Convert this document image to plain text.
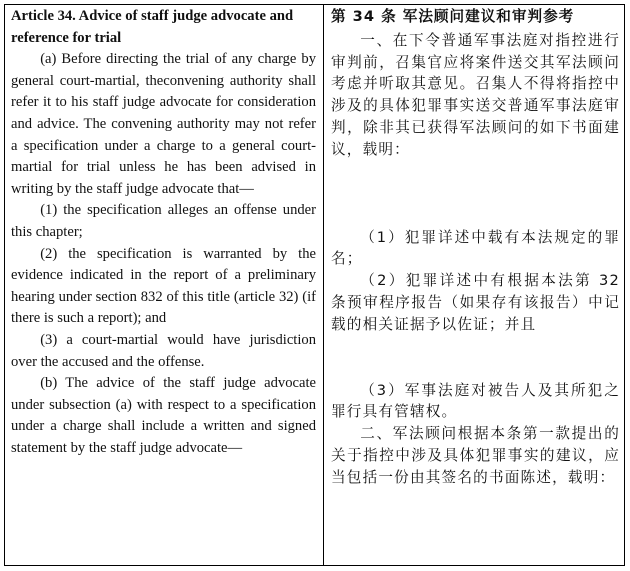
Article 34. Advice of staff judge advocate and reference for trial

(a) Before directing the trial of any charge by general court-martial, theconvening authority shall refer it to his staff judge advocate for consideration and advice. The convening authority may not refer a specification under a charge to a general court-martial for trial unless he has been advised in writing by the staff judge advocate that—

(1) the specification alleges an offense under this chapter;

(2) the specification is warranted by the evidence indicated in the report of a preliminary hearing under section 832 of this title (article 32) (if there is such a report); and

(3) a court-martial would have jurisdiction over the accused and the offense.

(b) The advice of the staff judge advocate under subsection (a) with respect to a specification under a charge shall include a written and signed statement by the staff judge advocate—

第 34 条 军法顾问建议和审判参考

一、在下令普通军事法庭对指控进行审判前，召集官应将案件送交其军法顾问考虑并听取其意见。召集人不得将指控中涉及的具体犯罪事实送交普通军事法庭审判，除非其已获得军法顾问的如下书面建议，载明：

（1）犯罪详述中载有本法规定的罪名；

（2）犯罪详述中有根据本法第 32 条预审程序报告（如果存有该报告）中记载的相关证据予以佐证；并且

（3）军事法庭对被告人及其所犯之罪行具有管辖权。

二、军法顾问根据本条第一款提出的关于指控中涉及具体犯罪事实的建议，应当包括一份由其签名的书面陈述，载明：
